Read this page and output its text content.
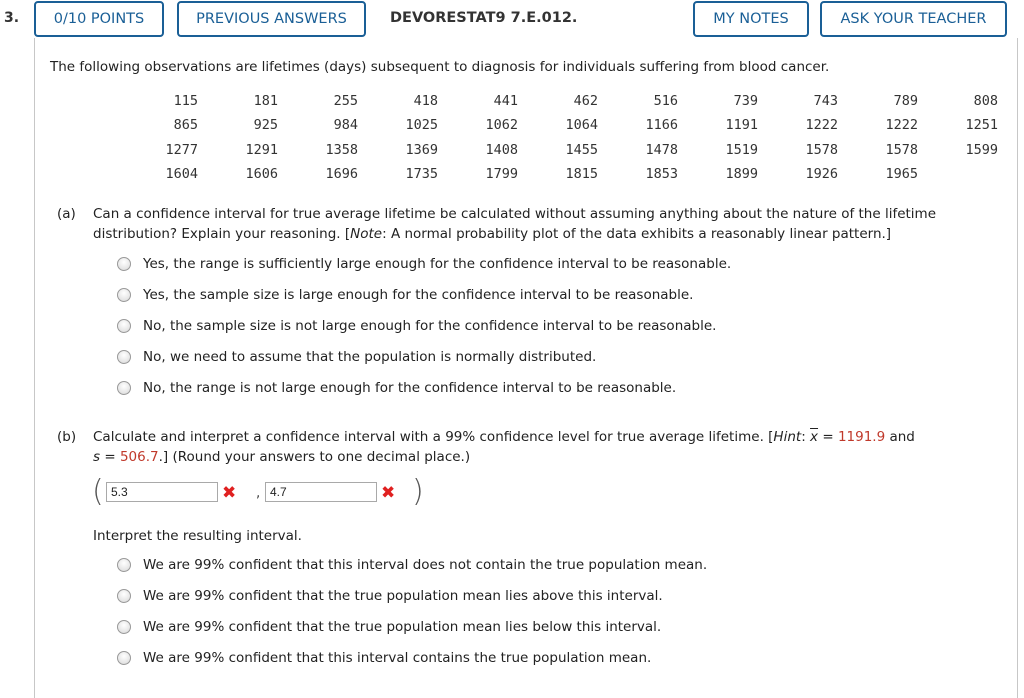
3.	0/10 POINTS	PREVIOUS ANSWERS	DEVORESTAT9 7.E.012.	MY NOTES	ASK YOUR TEACHER
The following observations are lifetimes (days) subsequent to diagnosis for individuals suffering from blood cancer.
115	181	255	418	441	462	516	739	743	789	808
865	925	984	1025	1062	1064	1166	1191	1222	1222	1251
1277	1291	1358	1369	1408	1455	1478	1519	1578	1578	1599
1604	1606	1696	1735	1799	1815	1853	1899	1926	1965
(a) Can a confidence interval for true average lifetime be calculated without assuming anything about the nature of the lifetime
distribution? Explain your reasoning. [Note: A normal probability plot of the data exhibits a reasonably linear pattern.]
Yes, the range is sufficiently large enough for the confidence interval to be reasonable.
Yes, the sample size is large enough for the confidence interval to be reasonable.
No, the sample size is not large enough for the confidence interval to be reasonable.
No, we need to assume that the population is normally distributed.
No, the range is not large enough for the confidence interval to be reasonable.
(b) Calculate and interpret a confidence interval with a 99% confidence level for true average lifetime. [Hint: $\overline{x} = 1191.9$ and
s = 506.7.] (Round your answers to one decimal place.)
(
5.3	✖ ,
4.7	✖ )
Interpret the resulting interval.
We are 99% confident that this interval does not contain the true population mean.
We are 99% confident that the true population mean lies above this interval.
We are 99% confident that the true population mean lies below this interval.
We are 99% confident that this interval contains the true population mean.
